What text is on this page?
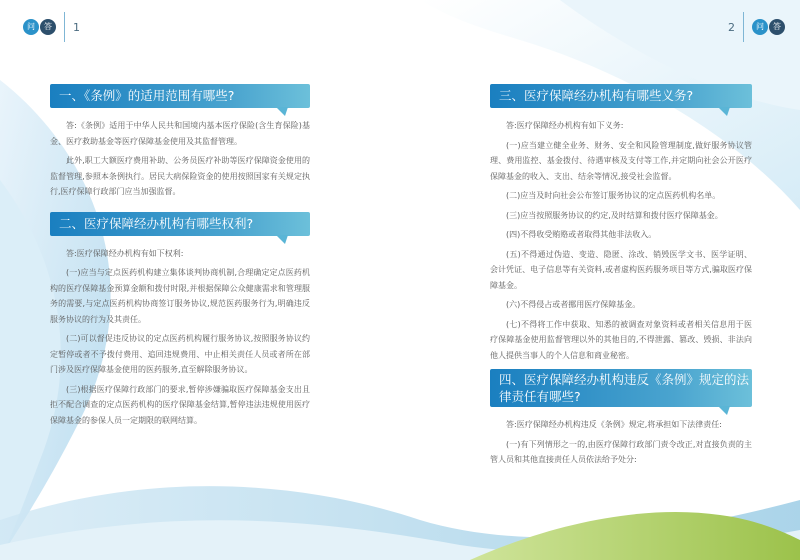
问	答	1	2	问	答
一、《条例》的适用范围有哪些?

答:《条例》适用于中华人民共和国境内基本医疗保险(含生育保险)基金、医疗救助基金等医疗保障基金使用及其监督管理。

此外,职工大额医疗费用补助、公务员医疗补助等医疗保障资金使用的监督管理,参照本条例执行。居民大病保险资金的使用按照国家有关规定执行,医疗保障行政部门应当加强监督。

二、医疗保障经办机构有哪些权利?

答:医疗保障经办机构有如下权利:

(一)应当与定点医药机构建立集体谈判协商机制,合理确定定点医药机构的医疗保障基金预算金额和拨付时限,并根据保障公众健康需求和管理服务的需要,与定点医药机构协商签订服务协议,规范医药服务行为,明确违反服务协议的行为及其责任。

(二)可以督促违反协议的定点医药机构履行服务协议,按照服务协议约定暂停或者不予拨付费用、追回违规费用、中止相关责任人员或者所在部门涉及医疗保障基金使用的医药服务,直至解除服务协议。

(三)根据医疗保障行政部门的要求,暂停涉嫌骗取医疗保障基金支出且拒不配合调查的定点医药机构的医疗保障基金结算,暂停违法违规使用医疗保障基金的参保人员一定期限的联网结算。

三、医疗保障经办机构有哪些义务?

答:医疗保障经办机构有如下义务:

(一)应当建立健全业务、财务、安全和风险管理制度,做好服务协议管理、费用监控、基金拨付、待遇审核及支付等工作,并定期向社会公开医疗保障基金的收入、支出、结余等情况,接受社会监督。

(二)应当及时向社会公布签订服务协议的定点医药机构名单。

(三)应当按照服务协议的约定,及时结算和拨付医疗保障基金。

(四)不得收受贿赂或者取得其他非法收入。

(五)不得通过伪造、变造、隐匿、涂改、销毁医学文书、医学证明、会计凭证、电子信息等有关资料,或者虚构医药服务项目等方式,骗取医疗保障基金。

(六)不得侵占或者挪用医疗保障基金。

(七)不得将工作中获取、知悉的被调查对象资料或者相关信息用于医疗保障基金使用监督管理以外的其他目的,不得泄露、篡改、毁损、非法向他人提供当事人的个人信息和商业秘密。

四、医疗保障经办机构违反《条例》规定的法律责任有哪些?

答:医疗保障经办机构违反《条例》规定,将承担如下法律责任:

(一)有下列情形之一的,由医疗保障行政部门责令改正,对直接负责的主管人员和其他直接责任人员依法给予处分:
